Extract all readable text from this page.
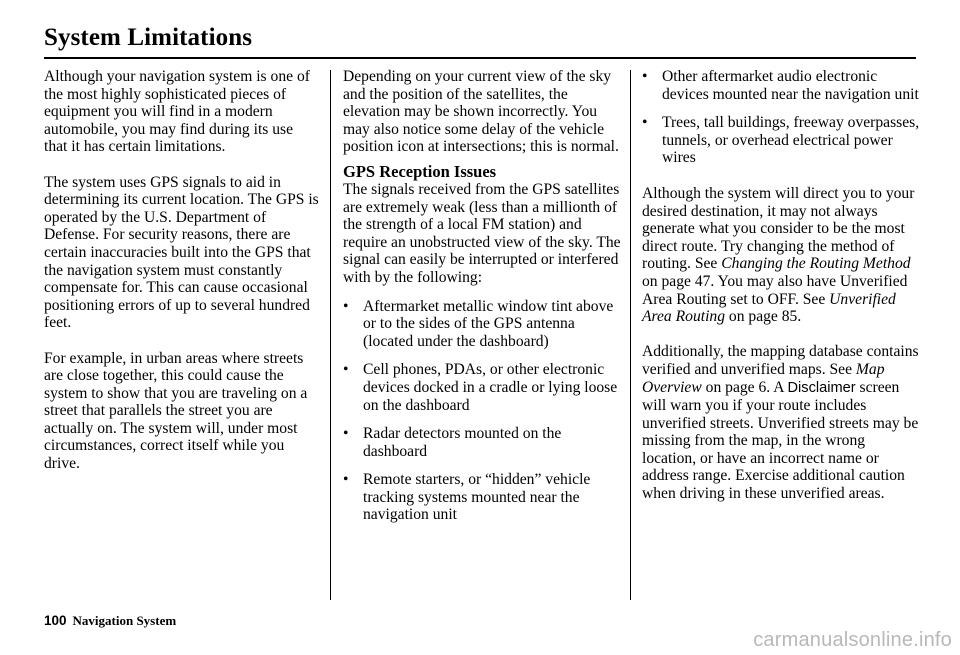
System Limitations

Although your navigation system is one of the most highly sophisticated pieces of equipment you will find in a modern automobile, you may find during its use that it has certain limitations.

The system uses GPS signals to aid in determining its current location. The GPS is operated by the U.S. Department of Defense. For security reasons, there are certain inaccuracies built into the GPS that the navigation system must constantly compensate for. This can cause occasional positioning errors of up to several hundred feet.

For example, in urban areas where streets are close together, this could cause the system to show that you are traveling on a street that parallels the street you are actually on. The system will, under most circumstances, correct itself while you drive.

Depending on your current view of the sky and the position of the satellites, the elevation may be shown incorrectly. You may also notice some delay of the vehicle position icon at intersections; this is normal.

GPS Reception Issues

The signals received from the GPS satellites are extremely weak (less than a millionth of the strength of a local FM station) and require an unobstructed view of the sky. The signal can easily be interrupted or interfered with by the following:

• Aftermarket metallic window tint above or to the sides of the GPS antenna (located under the dashboard)
• Cell phones, PDAs, or other electronic devices docked in a cradle or lying loose on the dashboard
• Radar detectors mounted on the dashboard
• Remote starters, or “hidden” vehicle tracking systems mounted near the navigation unit
• Other aftermarket audio electronic devices mounted near the navigation unit
• Trees, tall buildings, freeway overpasses, tunnels, or overhead electrical power wires

Although the system will direct you to your desired destination, it may not always generate what you consider to be the most direct route. Try changing the method of routing. See Changing the Routing Method on page 47. You may also have Unverified Area Routing set to OFF. See Unverified Area Routing on page 85.

Additionally, the mapping database contains verified and unverified maps. See Map Overview on page 6. A Disclaimer screen will warn you if your route includes unverified streets. Unverified streets may be missing from the map, in the wrong location, or have an incorrect name or address range. Exercise additional caution when driving in these unverified areas.

100 Navigation System
carmanualsonline.info
